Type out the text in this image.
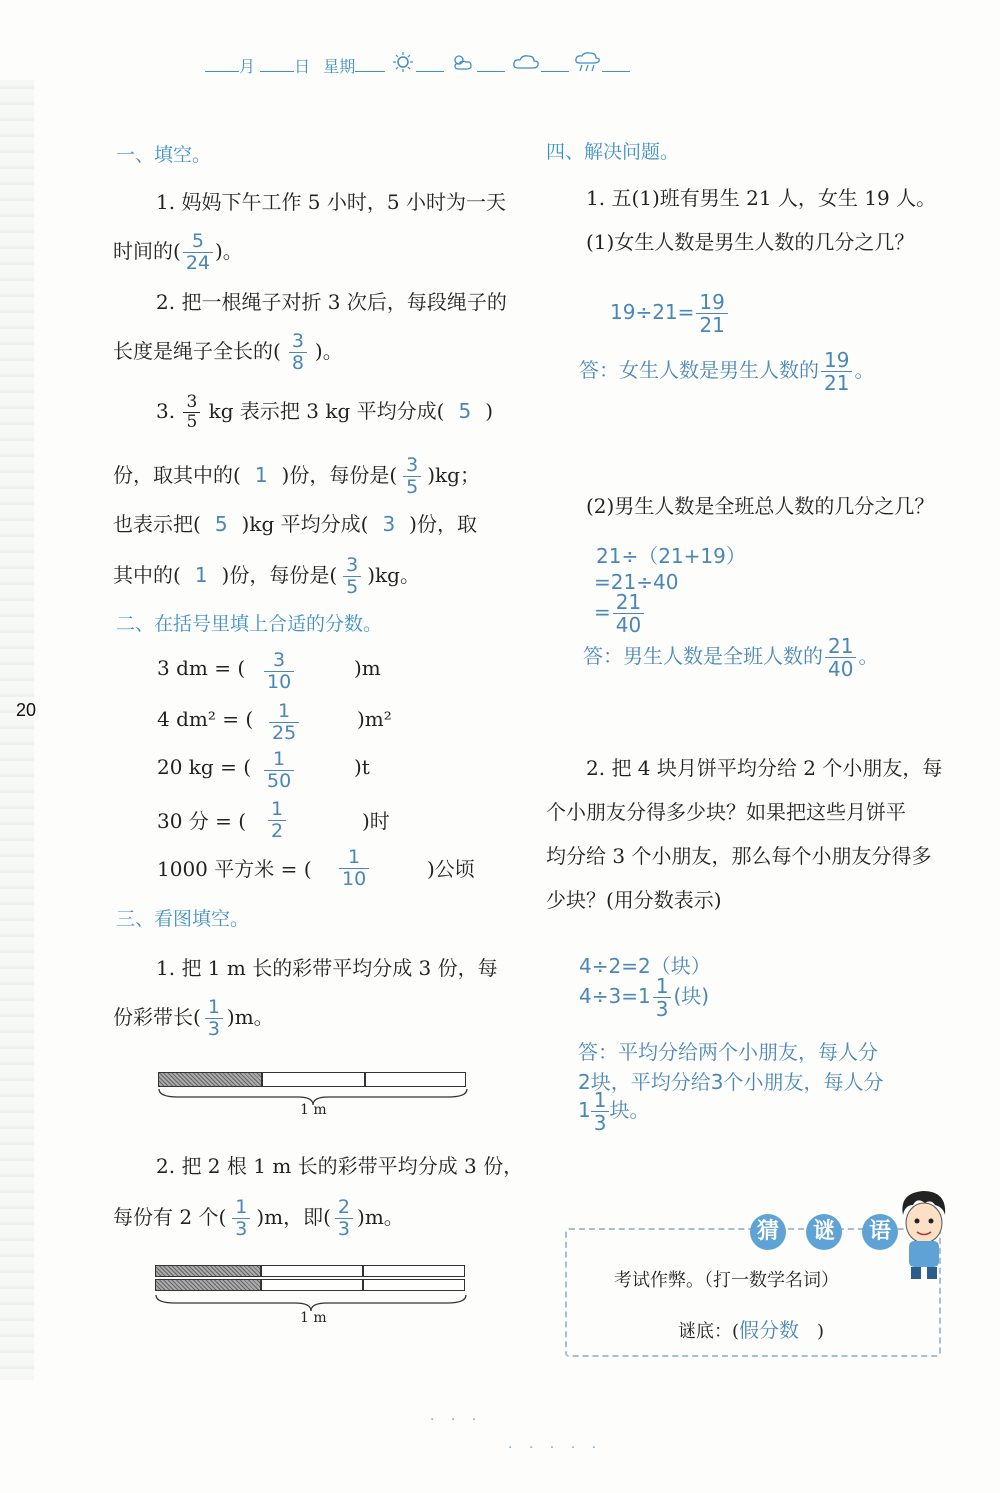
月 日 星期
20
一、填空。
1. 妈妈下午工作 5 小时，5 小时为一天
时间的( $\frac{5}{24}$ )。
2. 把一根绳子对折 3 次后，每段绳子的
长度是绳子全长的( $\frac{3}{8}$ )。
3. $\frac{3}{5}$ kg 表示把 3 kg 平均分成( 5 )
份，取其中的( 1 )份，每份是( $\frac{3}{5} )kg$；
也表示把( 5 )kg 平均分成( 3 )份，取
其中的( 1 )份，每份是( $\frac{3}{5} )kg$。
二、在括号里填上合适的分数。
3 dm = ( $\frac{3}{10}$	)m
4 dm² = ( $\frac{1}{25}$	)m²
20 kg = ( $\frac{1}{50}$	)t
30 分 = ( $\frac{1}{2}$	)时
1000 平方米 = ( $\frac{1}{10}$	)公顷
三、看图填空。
1. 把 1 m 长的彩带平均分成 3 份，每
份彩带长( $\frac{1}{3} )m$。
1 m
2. 把 2 根 1 m 长的彩带平均分成 3 份，
每份有 2 个( $\frac{1}{3} )m$，即( $\frac{2}{3} )m$。
1 m
四、解决问题。
1. 五(1)班有男生 21 人，女生 19 人。
(1)女生人数是男生人数的几分之几？
$19\div 21= \frac{19}{21}$
答：女生人数是男生人数的 $\frac{19}{21}$ 。
(2)男生人数是全班总人数的几分之几？
21÷（21+19）
=21÷40
= $\frac{21}{40}$
答：男生人数是全班人数的 $\frac{21}{40}$ 。
2. 把 4 块月饼平均分给 2 个小朋友，每
个小朋友分得多少块？如果把这些月饼平
均分给 3 个小朋友，那么每个小朋友分得多
少块？(用分数表示)
4÷2=2（块）
$4\div 3=1 \frac{1}{3}$ (块)
答：平均分给两个小朋友，每人分
2块，平均分给3个小朋友，每人分
$1 \frac{1}{3}$ 块。
猜 谜 语
考试作弊。（打一数学名词）
谜底：(假分数 )
· · ·
· · · · ·
